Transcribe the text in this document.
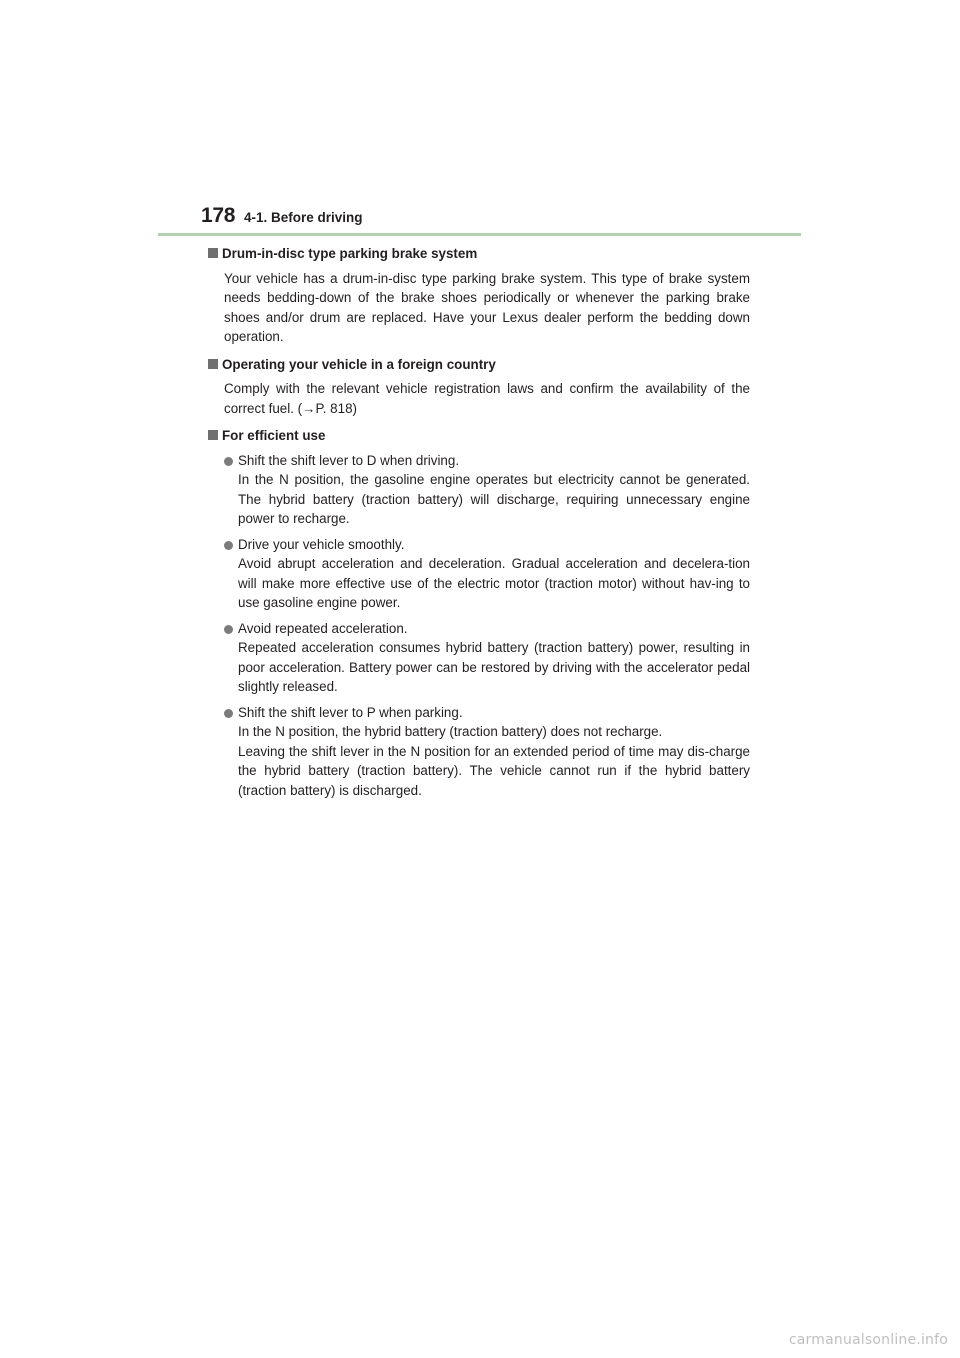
178 4-1. Before driving
Drum-in-disc type parking brake system

Your vehicle has a drum-in-disc type parking brake system. This type of brake system needs bedding-down of the brake shoes periodically or whenever the parking brake shoes and/or drum are replaced. Have your Lexus dealer perform the bedding down operation.

Operating your vehicle in a foreign country

Comply with the relevant vehicle registration laws and confirm the availability of the correct fuel. (→P. 818)

For efficient use

Shift the shift lever to D when driving.

In the N position, the gasoline engine operates but electricity cannot be generated. The hybrid battery (traction battery) will discharge, requiring unnecessary engine power to recharge.

Drive your vehicle smoothly.

Avoid abrupt acceleration and deceleration. Gradual acceleration and decelera-tion will make more effective use of the electric motor (traction motor) without hav-ing to use gasoline engine power.

Avoid repeated acceleration.

Repeated acceleration consumes hybrid battery (traction battery) power, resulting in poor acceleration. Battery power can be restored by driving with the accelerator pedal slightly released.

Shift the shift lever to P when parking.

In the N position, the hybrid battery (traction battery) does not recharge.

Leaving the shift lever in the N position for an extended period of time may dis-charge the hybrid battery (traction battery). The vehicle cannot run if the hybrid battery (traction battery) is discharged.

carmanualsonline.info
